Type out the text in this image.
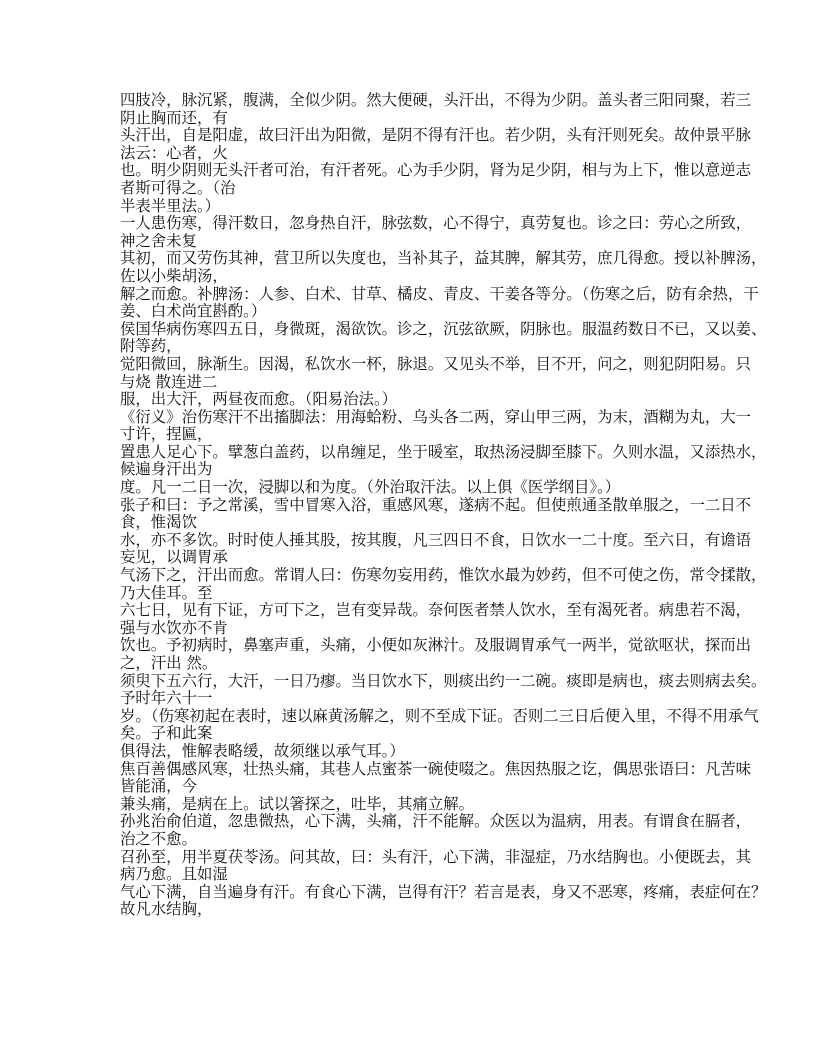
四肢冷，脉沉紧，腹满，全似少阴。然大便硬，头汗出，不得为少阴。盖头者三阳同聚，若三
阴止胸而还，有
头汗出，自是阳虚，故曰汗出为阳微，是阴不得有汗也。若少阴，头有汗则死矣。故仲景平脉
法云：心者，火
也。明少阴则无头汗者可治，有汗者死。心为手少阴，肾为足少阴，相与为上下，惟以意逆志
者斯可得之。（治
半表半里法。）
一人患伤寒，得汗数日，忽身热自汗，脉弦数，心不得宁，真劳复也。诊之曰：劳心之所致，
神之舍未复
其初，而又劳伤其神，营卫所以失度也，当补其子，益其脾，解其劳，庶几得愈。授以补脾汤，
佐以小柴胡汤，
解之而愈。补脾汤：人参、白术、甘草、橘皮、青皮、干姜各等分。（伤寒之后，防有余热，干
姜、白术尚宜斟酌。）
侯国华病伤寒四五日，身微斑，渴欲饮。诊之，沉弦欲厥，阴脉也。服温药数日不已，又以姜、
附等药，
觉阳微回，脉渐生。因渴，私饮水一杯，脉退。又见头不举，目不开，问之，则犯阴阳易。只
与烧 散连进二
服，出大汗，两昼夜而愈。（阳易治法。）
《衍义》治伤寒汗不出搐脚法：用海蛤粉、乌头各二两，穿山甲三两，为末，酒糊为丸，大一
寸许，捏匾，
置患人足心下。擘葱白盖药，以帛缠足，坐于暖室，取热汤浸脚至膝下。久则水温，又添热水，
候遍身汗出为
度。凡一二日一次，浸脚以和为度。（外治取汗法。以上俱《医学纲目》。）
张子和曰：予之常溪，雪中冒寒入浴，重感风寒，遂病不起。但使煎通圣散单服之，一二日不
食，惟渴饮
水，亦不多饮。时时使人捶其股，按其腹，凡三四日不食，日饮水一二十度。至六日，有谵语
妄见，以调胃承
气汤下之，汗出而愈。常谓人曰：伤寒勿妄用药，惟饮水最为妙药，但不可使之伤，常令揉散，
乃大佳耳。至
六七日，见有下证，方可下之，岂有变异哉。奈何医者禁人饮水，至有渴死者。病患若不渴，
强与水饮亦不肯
饮也。予初病时，鼻塞声重，头痛，小便如灰淋汁。及服调胃承气一两半，觉欲呕状，探而出
之，汗出 然。
须臾下五六行，大汗，一日乃瘳。当日饮水下，则痰出约一二碗。痰即是病也，痰去则病去矣。
予时年六十一
岁。（伤寒初起在表时，速以麻黄汤解之，则不至成下证。否则二三日后便入里，不得不用承气
矣。子和此案
俱得法，惟解表略缓，故须继以承气耳。）
焦百善偶感风寒，壮热头痛，其巷人点蜜茶一碗使啜之。焦因热服之讫，偶思张语曰：凡苦味
皆能涌，今
兼头痛，是病在上。试以箸探之，吐毕，其痛立解。
孙兆治俞伯道，忽患微热，心下满，头痛，汗不能解。众医以为温病，用表。有谓食在膈者，
治之不愈。
召孙至，用半夏茯苓汤。问其故，曰：头有汗，心下满，非湿症，乃水结胸也。小便既去，其
病乃愈。且如湿
气心下满，自当遍身有汗。有食心下满，岂得有汗？若言是表，身又不恶寒，疼痛，表症何在？
故凡水结胸，
